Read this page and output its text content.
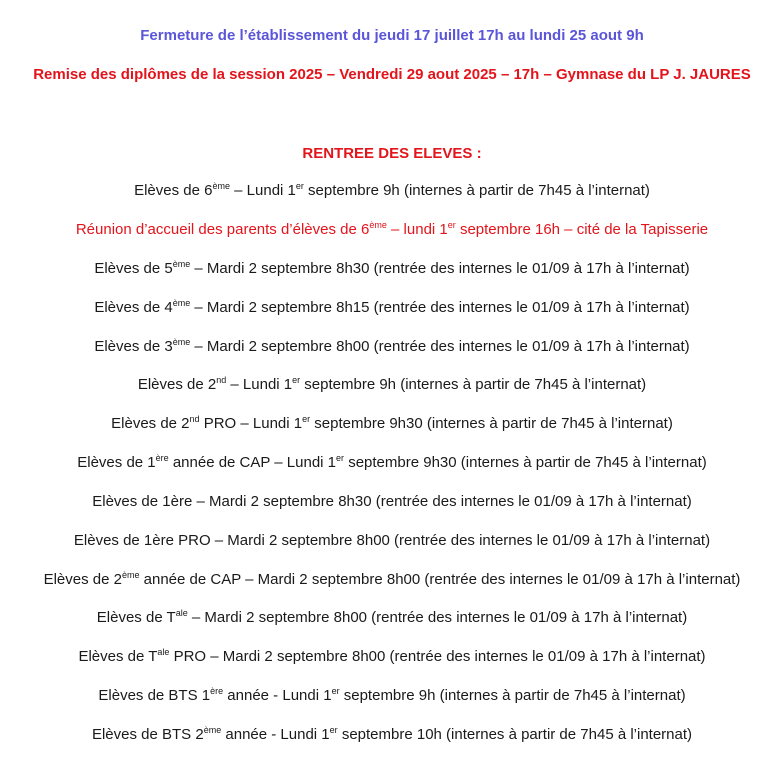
Fermeture de l’établissement du jeudi 17 juillet 17h au lundi 25 aout 9h
Remise des diplômes de la session 2025 – Vendredi 29 aout 2025 – 17h – Gymnase du LP J. JAURES
RENTREE DES ELEVES :
Elèves de 6ème – Lundi 1er septembre 9h (internes à partir de 7h45 à l’internat)
Réunion d’accueil des parents d’élèves de 6ème – lundi 1er septembre 16h – cité de la Tapisserie
Elèves de 5ème – Mardi 2 septembre 8h30 (rentrée des internes le 01/09 à 17h à l’internat)
Elèves de 4ème – Mardi 2 septembre 8h15 (rentrée des internes le 01/09 à 17h à l’internat)
Elèves de 3ème – Mardi 2 septembre 8h00 (rentrée des internes le 01/09 à 17h à l’internat)
Elèves de 2nd – Lundi 1er septembre 9h (internes à partir de 7h45 à l’internat)
Elèves de 2nd PRO – Lundi 1er septembre 9h30 (internes à partir de 7h45 à l’internat)
Elèves de 1ère année de CAP – Lundi 1er septembre 9h30 (internes à partir de 7h45 à l’internat)
Elèves de 1ère – Mardi 2 septembre 8h30 (rentrée des internes le 01/09 à 17h à l’internat)
Elèves de 1ère PRO – Mardi 2 septembre 8h00 (rentrée des internes le 01/09 à 17h à l’internat)
Elèves de 2ème année de CAP – Mardi 2 septembre 8h00 (rentrée des internes le 01/09 à 17h à l’internat)
Elèves de $T^{ale}$ – Mardi 2 septembre 8h00 (rentrée des internes le 01/09 à 17h à l’internat)
Elèves de $T^{ale}$ PRO – Mardi 2 septembre 8h00 (rentrée des internes le 01/09 à 17h à l’internat)
Elèves de BTS 1ère année - Lundi 1er septembre 9h (internes à partir de 7h45 à l’internat)
Elèves de BTS 2ème année - Lundi 1er septembre 10h (internes à partir de 7h45 à l’internat)
